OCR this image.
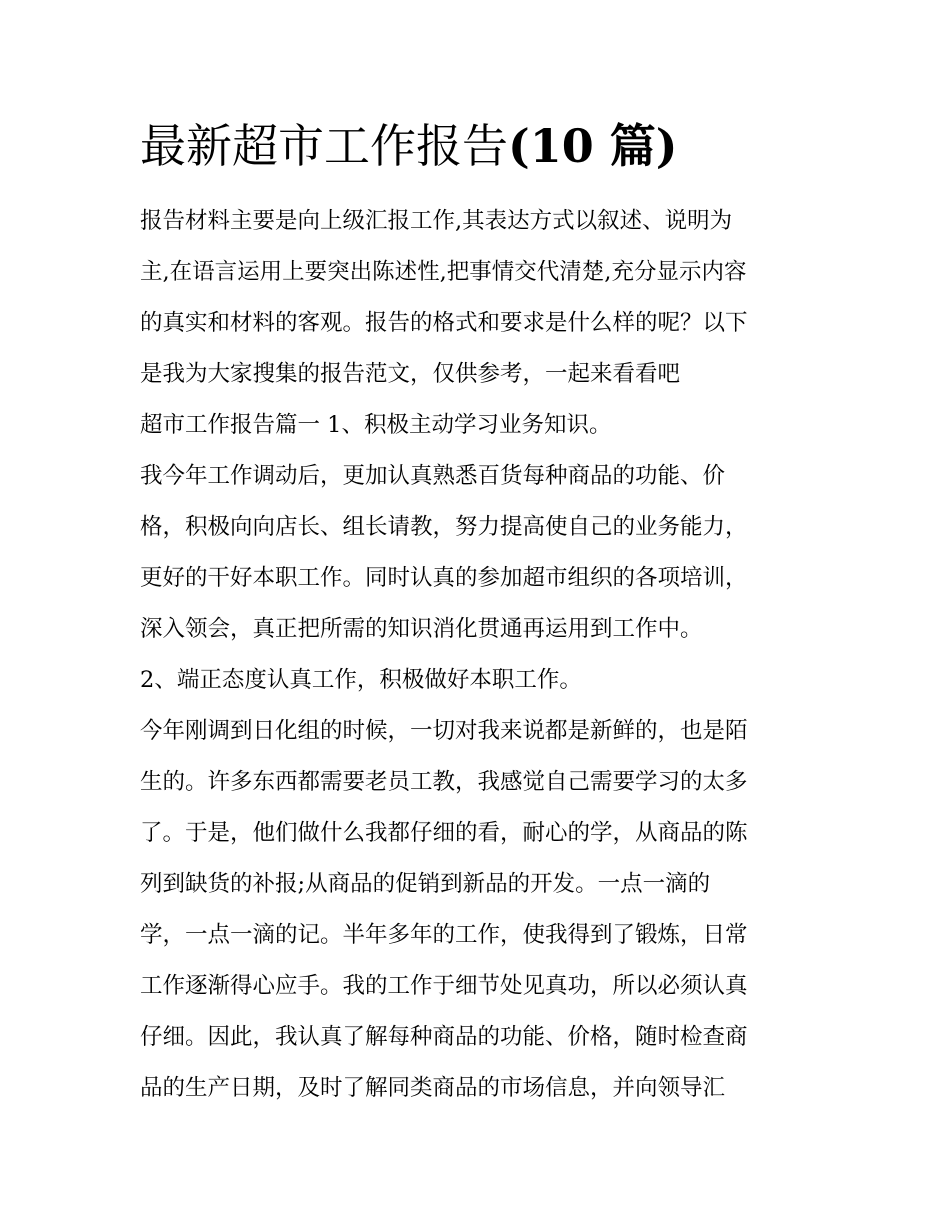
最新超市工作报告(10 篇)
报告材料主要是向上级汇报工作,其表达方式以叙述、说明为
主,在语言运用上要突出陈述性,把事情交代清楚,充分显示内容
的真实和材料的客观。报告的格式和要求是什么样的呢？以下
是我为大家搜集的报告范文，仅供参考，一起来看看吧
超市工作报告篇一 1、积极主动学习业务知识。
我今年工作调动后，更加认真熟悉百货每种商品的功能、价
格，积极向向店长、组长请教，努力提高使自己的业务能力，
更好的干好本职工作。同时认真的参加超市组织的各项培训，
深入领会，真正把所需的知识消化贯通再运用到工作中。
2、端正态度认真工作，积极做好本职工作。
今年刚调到日化组的时候，一切对我来说都是新鲜的，也是陌
生的。许多东西都需要老员工教，我感觉自己需要学习的太多
了。于是，他们做什么我都仔细的看，耐心的学，从商品的陈
列到缺货的补报;从商品的促销到新品的开发。一点一滴的
学，一点一滴的记。半年多年的工作，使我得到了锻炼，日常
工作逐渐得心应手。我的工作于细节处见真功，所以必须认真
仔细。因此，我认真了解每种商品的功能、价格，随时检查商
品的生产日期，及时了解同类商品的市场信息，并向领导汇
